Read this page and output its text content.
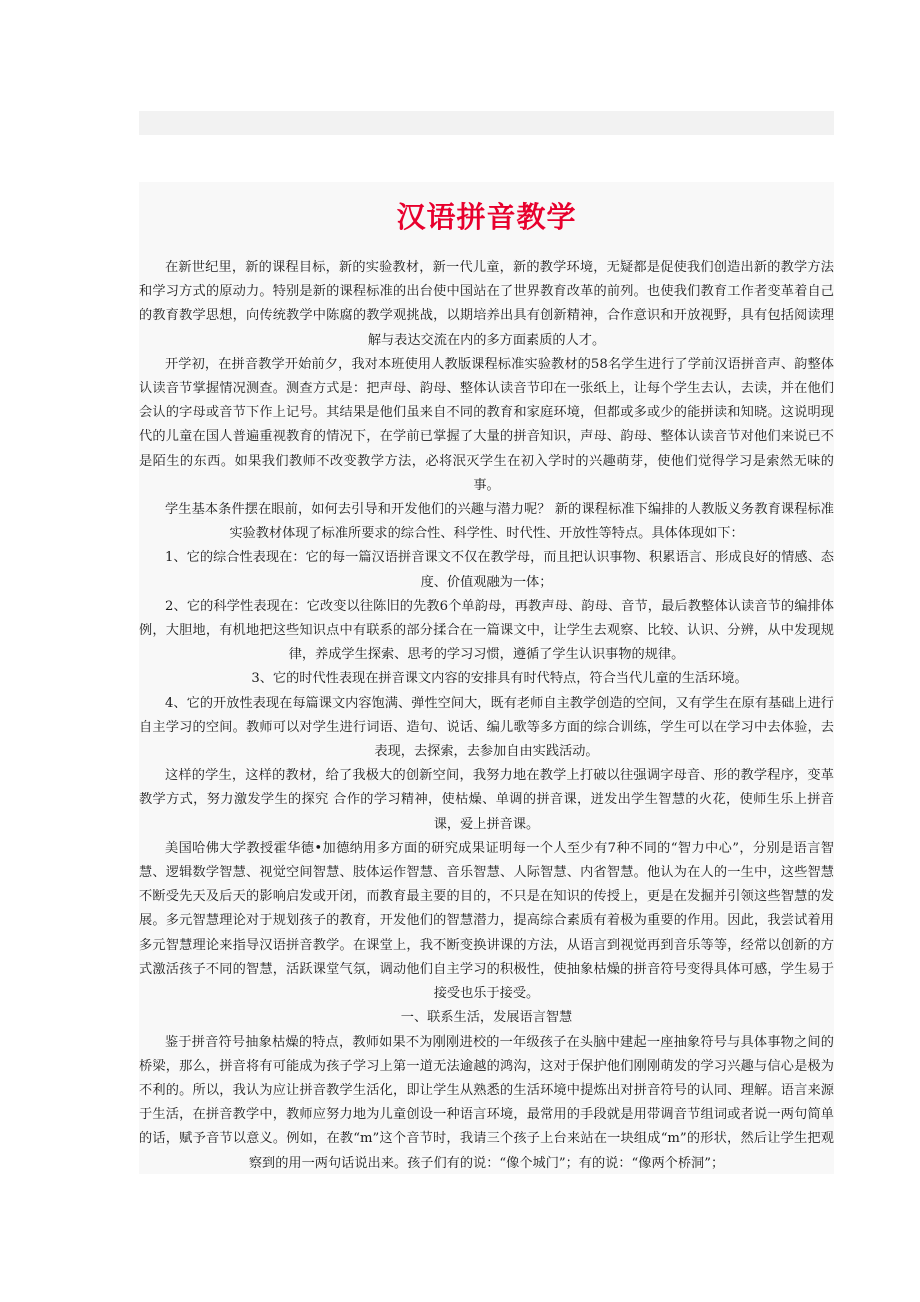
汉语拼音教学

在新世纪里，新的课程目标，新的实验教材，新一代儿童，新的教学环境，无疑都是促使我们创造出新的教学方法和学习方式的原动力。特别是新的课程标准的出台使中国站在了世界教育改革的前列。也使我们教育工作者变革着自己的教育教学思想，向传统教学中陈腐的教学观挑战，以期培养出具有创新精神，合作意识和开放视野，具有包括阅读理解与表达交流在内的多方面素质的人才。

开学初，在拼音教学开始前夕，我对本班使用人教版课程标准实验教材的58名学生进行了学前汉语拼音声、韵整体认读音节掌握情况测查。测查方式是：把声母、韵母、整体认读音节印在一张纸上，让每个学生去认，去读，并在他们会认的字母或音节下作上记号。其结果是他们虽来自不同的教育和家庭环境，但都或多或少的能拼读和知晓。这说明现代的儿童在国人普遍重视教育的情况下，在学前已掌握了大量的拼音知识，声母、韵母、整体认读音节对他们来说已不是陌生的东西。如果我们教师不改变教学方法，必将泯灭学生在初入学时的兴趣萌芽，使他们觉得学习是索然无味的事。

学生基本条件摆在眼前，如何去引导和开发他们的兴趣与潜力呢？ 新的课程标准下编排的人教版义务教育课程标准实验教材体现了标准所要求的综合性、科学性、时代性、开放性等特点。具体体现如下：

1、它的综合性表现在：它的每一篇汉语拼音课文不仅在教学母，而且把认识事物、积累语言、形成良好的情感、态度、价值观融为一体；

2、它的科学性表现在：它改变以往陈旧的先教6个单韵母，再教声母、韵母、音节，最后教整体认读音节的编排体例，大胆地，有机地把这些知识点中有联系的部分揉合在一篇课文中，让学生去观察、比较、认识、分辨，从中发现规律，养成学生探索、思考的学习习惯，遵循了学生认识事物的规律。

3、它的时代性表现在拼音课文内容的安排具有时代特点，符合当代儿童的生活环境。

4、它的开放性表现在每篇课文内容饱满、弹性空间大，既有老师自主教学创造的空间，又有学生在原有基础上进行自主学习的空间。教师可以对学生进行词语、造句、说话、编儿歌等多方面的综合训练，学生可以在学习中去体验，去表现，去探索，去参加自由实践活动。

这样的学生，这样的教材，给了我极大的创新空间，我努力地在教学上打破以往强调字母音、形的教学程序，变革教学方式，努力激发学生的探究 合作的学习精神，使枯燥、单调的拼音课，迸发出学生智慧的火花，使师生乐上拼音课，爱上拼音课。

美国哈佛大学教授霍华德•加德纳用多方面的研究成果证明每一个人至少有7种不同的“智力中心”，分别是语言智慧、逻辑数学智慧、视觉空间智慧、肢体运作智慧、音乐智慧、人际智慧、内省智慧。他认为在人的一生中，这些智慧不断受先天及后天的影响启发或开闭，而教育最主要的目的，不只是在知识的传授上，更是在发掘并引领这些智慧的发展。多元智慧理论对于规划孩子的教育，开发他们的智慧潜力，提高综合素质有着极为重要的作用。因此，我尝试着用多元智慧理论来指导汉语拼音教学。在课堂上，我不断变换讲课的方法，从语言到视觉再到音乐等等，经常以创新的方式激活孩子不同的智慧，活跃课堂气氛，调动他们自主学习的积极性，使抽象枯燥的拼音符号变得具体可感，学生易于接受也乐于接受。

一、联系生活，发展语言智慧

鉴于拼音符号抽象枯燥的特点，教师如果不为刚刚进校的一年级孩子在头脑中建起一座抽象符号与具体事物之间的桥梁，那么，拼音将有可能成为孩子学习上第一道无法逾越的鸿沟，这对于保护他们刚刚萌发的学习兴趣与信心是极为不利的。所以，我认为应让拼音教学生活化，即让学生从熟悉的生活环境中提炼出对拼音符号的认同、理解。语言来源于生活，在拼音教学中，教师应努力地为儿童创设一种语言环境，最常用的手段就是用带调音节组词或者说一两句简单的话，赋予音节以意义。例如，在教“m”这个音节时，我请三个孩子上台来站在一块组成“m”的形状，然后让学生把观察到的用一两句话说出来。孩子们有的说：“像个城门”；有的说：“像两个桥洞”；
